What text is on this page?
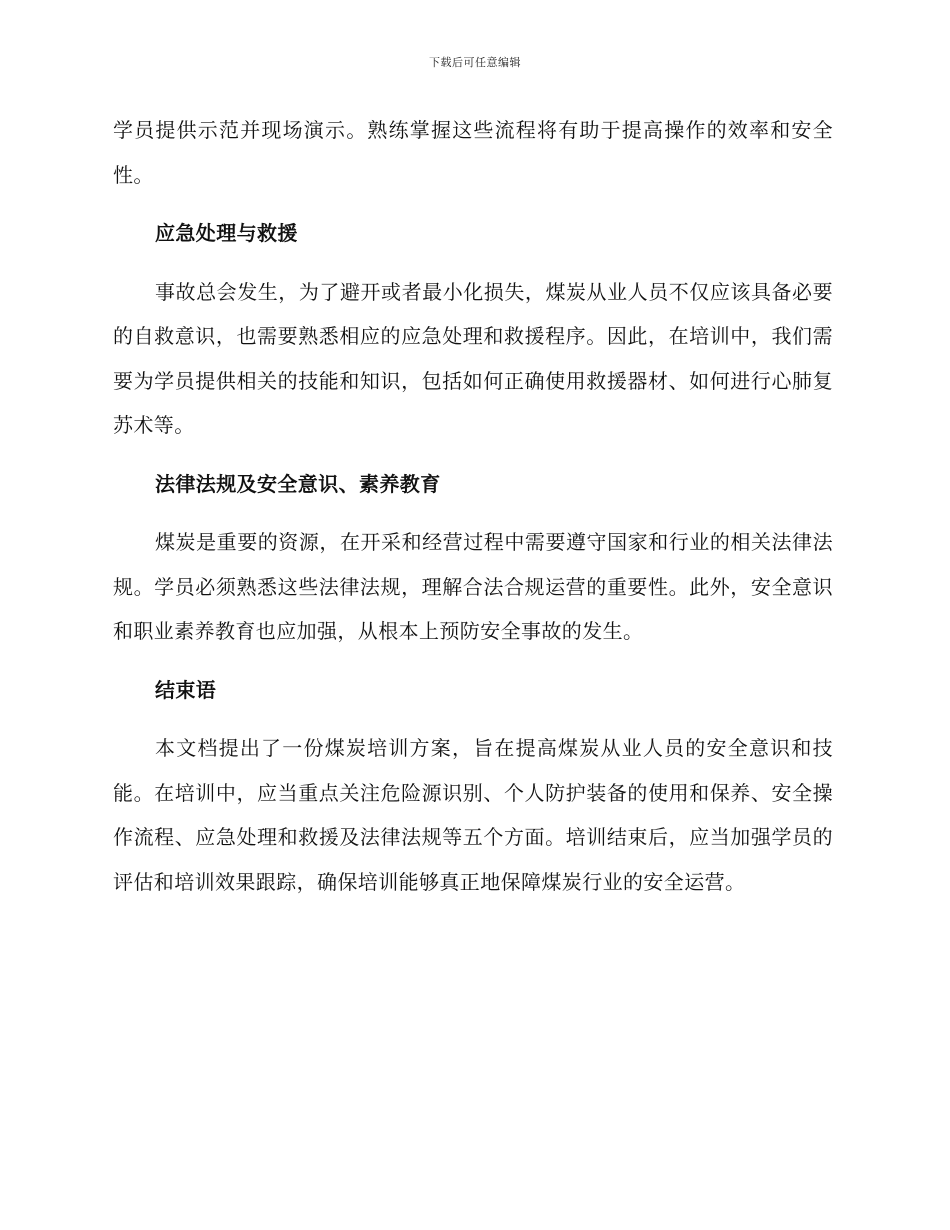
下载后可任意编辑

学员提供示范并现场演示。熟练掌握这些流程将有助于提高操作的效率和安全性。

应急处理与救援

事故总会发生，为了避开或者最小化损失，煤炭从业人员不仅应该具备必要的自救意识，也需要熟悉相应的应急处理和救援程序。因此，在培训中，我们需要为学员提供相关的技能和知识，包括如何正确使用救援器材、如何进行心肺复苏术等。

法律法规及安全意识、素养教育

煤炭是重要的资源，在开采和经营过程中需要遵守国家和行业的相关法律法规。学员必须熟悉这些法律法规，理解合法合规运营的重要性。此外，安全意识和职业素养教育也应加强，从根本上预防安全事故的发生。

结束语

本文档提出了一份煤炭培训方案，旨在提高煤炭从业人员的安全意识和技能。在培训中，应当重点关注危险源识别、个人防护装备的使用和保养、安全操作流程、应急处理和救援及法律法规等五个方面。培训结束后，应当加强学员的评估和培训效果跟踪，确保培训能够真正地保障煤炭行业的安全运营。
